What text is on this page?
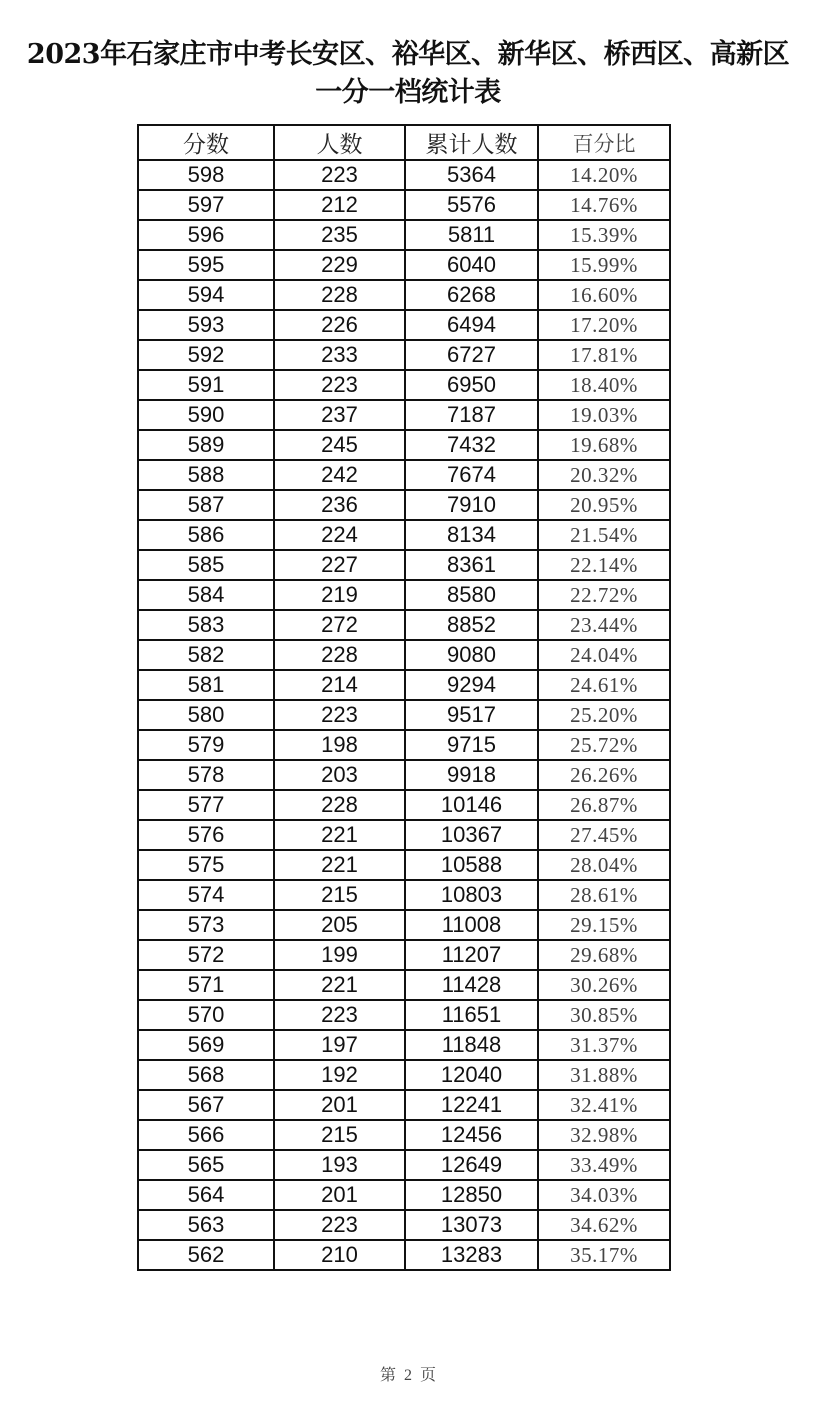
2023年石家庄市中考长安区、裕华区、新华区、桥西区、高新区
一分一档统计表
分数	人数	累计人数	百分比
598	223	5364	14.20%
597	212	5576	14.76%
596	235	5811	15.39%
595	229	6040	15.99%
594	228	6268	16.60%
593	226	6494	17.20%
592	233	6727	17.81%
591	223	6950	18.40%
590	237	7187	19.03%
589	245	7432	19.68%
588	242	7674	20.32%
587	236	7910	20.95%
586	224	8134	21.54%
585	227	8361	22.14%
584	219	8580	22.72%
583	272	8852	23.44%
582	228	9080	24.04%
581	214	9294	24.61%
580	223	9517	25.20%
579	198	9715	25.72%
578	203	9918	26.26%
577	228	10146	26.87%
576	221	10367	27.45%
575	221	10588	28.04%
574	215	10803	28.61%
573	205	11008	29.15%
572	199	11207	29.68%
571	221	11428	30.26%
570	223	11651	30.85%
569	197	11848	31.37%
568	192	12040	31.88%
567	201	12241	32.41%
566	215	12456	32.98%
565	193	12649	33.49%
564	201	12850	34.03%
563	223	13073	34.62%
562	210	13283	35.17%
第 2 页
